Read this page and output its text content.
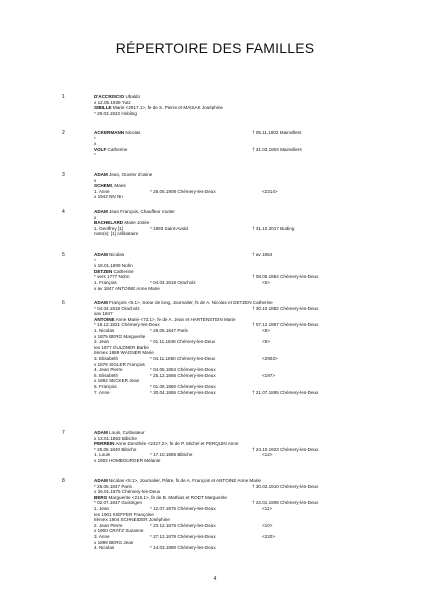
RÉPERTOIRE DES FAMILLES
1	D'ACCRISCIO Ubaldo
x 12.05.1939 Yutz
SIBILLE Marie <2917.1>, fe de S. Pierre et MAISAK Joséphine
* 29.03.1922 Hobling
2	ACKERMANN Nicolas	† 05.11.1802 Mainvillers
*
x
VOLF Catherine	† 31.03.1804 Mainvillers
*
3	ADAM Jean, Ouvrier d'usine
x
SCHEMI, Marie
1. Anne	* 25.05.1908 Chémery-les-Deux	<2314>
x 1942 NN Nn
4	ADAM Jean François, Chauffeur routier
x
BACHELARD Marie Josée
1. Geoffrey [1]	* 1993 Saint-Avold	† 31.10.2017 Buding
note(s): [1] célibataire
5	ADAM Nicolas	† av 1854
*
x 18.01.1809 Nohn
DETZEN Catherine
* vers 1777 Nohn	† 08.05.1854 Chémery-les-Deux
1. François	* 04.04.1818 Oracholz	<6>
x av 1847 ANTOINE Anne Marie
6	ADAM François <6.1>, Sœur de long, Journalier, fs de A. Nicolas et DETZEN Catherine
* 04.04.1818 Oracholz	† 30.10.1882 Chémery-les-Deux
xav 1847
ANTOINE Anne Marie <73.1>, fe de A. Jean et HARTENSTEIN Marie
* 18.12.1821 Chémery-les-Deux	† 07.12.1887 Chémery-les-Deux
1. Nicolas	* 25.05.1847 Paris	<8>
x 1875 BERG Marguerite
2. Jean	* 01.11.1848 Chémery-les-Deux	<9>
Iex 1877 GULDNER Barbe
IIèmex 1889 WAGNER Marie
3. Elisabeth	* 04.11.1850 Chémery-les-Deux	<2903>
x 1876 SIGLER François
4. Jean Pierre	* 04.05.1854 Chémery-les-Deux
5. Elisabeth	* 25.12.1856 Chémery-les-Deux	<197>
x 1882 SECKER Jean
6. François	* 01.06.1860 Chémery-les-Deux
7. Anne	* 30.04.1865 Chémery-les-Deux	† 21.07.1865 Chémery-les-Deux
7	ADAM Louis, Cultivateur
x 13.01.1863 Bibiche
PERREIN Anne Dorothée <2427.2>, fe de P. Michel et PERQUIN Anne
* 25.06.1840 Bibiche	† 24.10.1923 Chémery-les-Deux
1. Louis	* 17.10.1865 Bibiche	<12>
x 1902 HOMBOURGER Mélanie
8	ADAM Nicolas <8.1>, Journalier, Pâtre, fs de A. François et ANTOINE Anne Marie
* 25.05.1847 Paris	† 30.03.1910 Chémery-les-Deux
x 26.01.1875 Chémery-les-Deux
BERG Marguerite <216.1>, fe de B. Mathias et RODT Marguerite
* 02.07.1847 Guisingen	† 22.01.1908 Chémery-les-Deux
1. Jean	* 12.07.1875 Chémery-les-Deux	<11>
Iex 1901 KIEFFER Françoise
IIèmex 1904 SCHNEIDER Joséphine
2. Jean Pierre	* 23.12.1876 Chémery-les-Deux	<10>
x 1900 CRATZ Suzanne
3. Anne	* 27.12.1878 Chémery-les-Deux	<220>
x 1898 BERG Jean
4. Nicolas	* 14.03.1880 Chémery-les-Deux
4
